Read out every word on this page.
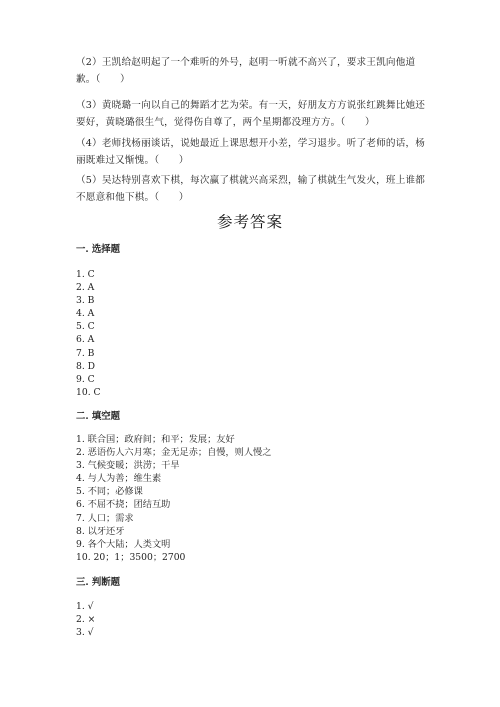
（2）王凯给赵明起了一个难听的外号，赵明一听就不高兴了，要求王凯向他道歉。（　　）

（3）黄晓璐一向以自己的舞蹈才艺为荣。有一天，好朋友方方说张红跳舞比她还要好，黄晓璐很生气，觉得伤自尊了，两个星期都没理方方。（　　）

（4）老师找杨丽谈话，说她最近上课思想开小差，学习退步。听了老师的话，杨丽既难过又惭愧。（　　）

（5）吴达特别喜欢下棋，每次赢了棋就兴高采烈，输了棋就生气发火，班上谁都不愿意和他下棋。（　　）

参考答案
一. 选择题
1. C
2. A
3. B
4. A
5. C
6. A
7. B
8. D
9. C
10. C
二. 填空题
1. 联合国；政府间；和平；发展；友好
2. 恶语伤人六月寒；金无足赤；自慢，则人慢之
3. 气候变暖；洪涝；干旱
4. 与人为善；维生素
5. 不同；必修课
6. 不屈不挠；团结互助
7. 人口；需求
8. 以牙还牙
9. 各个大陆；人类文明
10. 20；1；3500；2700
三. 判断题
1. √
2. ×
3. √
